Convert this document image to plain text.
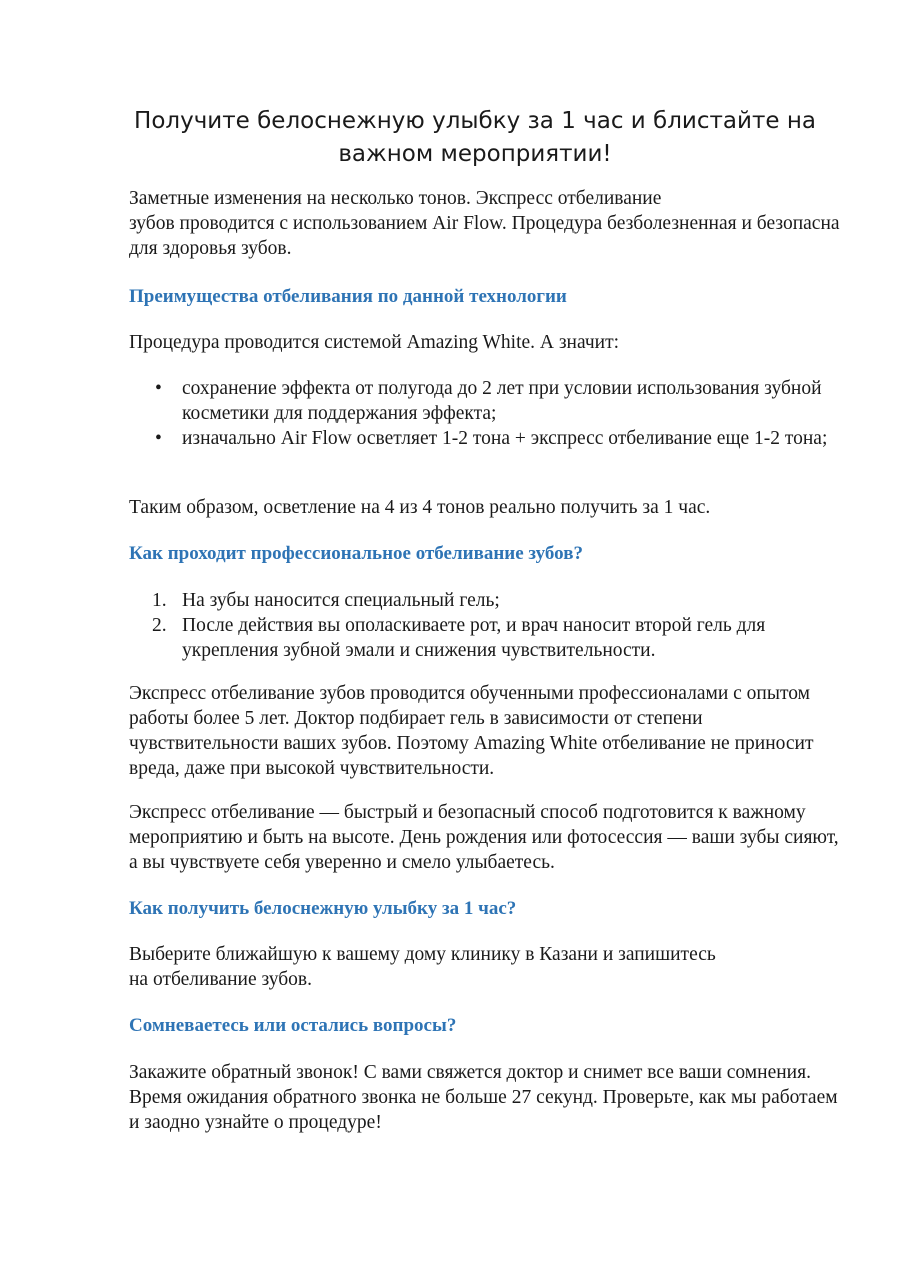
Получите белоснежную улыбку за 1 час и блистайте на важном мероприятии!

Заметные изменения на несколько тонов. Экспресс отбеливание
зубов проводится с использованием Air Flow. Процедура безболезненная и безопасна для здоровья зубов.

Преимущества отбеливания по данной технологии

Процедура проводится системой Amazing White. А значит:

• сохранение эффекта от полугода до 2 лет при условии использования зубной косметики для поддержания эффекта;
• изначально Air Flow осветляет 1-2 тона + экспресс отбеливание еще 1-2 тона;

Таким образом, осветление на 4 из 4 тонов реально получить за 1 час.

Как проходит профессиональное отбеливание зубов?
1. На зубы наносится специальный гель;
2. После действия вы ополаскиваете рот, и врач наносит второй гель для укрепления зубной эмали и снижения чувствительности.

Экспресс отбеливание зубов проводится обученными профессионалами с опытом работы более 5 лет. Доктор подбирает гель в зависимости от степени чувствительности ваших зубов. Поэтому Amazing White отбеливание не приносит вреда, даже при высокой чувствительности.

Экспресс отбеливание — быстрый и безопасный способ подготовится к важному мероприятию и быть на высоте. День рождения или фотосессия — ваши зубы сияют, а вы чувствуете себя уверенно и смело улыбаетесь.

Как получить белоснежную улыбку за 1 час?

Выберите ближайшую к вашему дому клинику в Казани и запишитесь
на отбеливание зубов.

Сомневаетесь или остались вопросы?

Закажите обратный звонок! С вами свяжется доктор и снимет все ваши сомнения. Время ожидания обратного звонка не больше 27 секунд. Проверьте, как мы работаем и заодно узнайте о процедуре!
